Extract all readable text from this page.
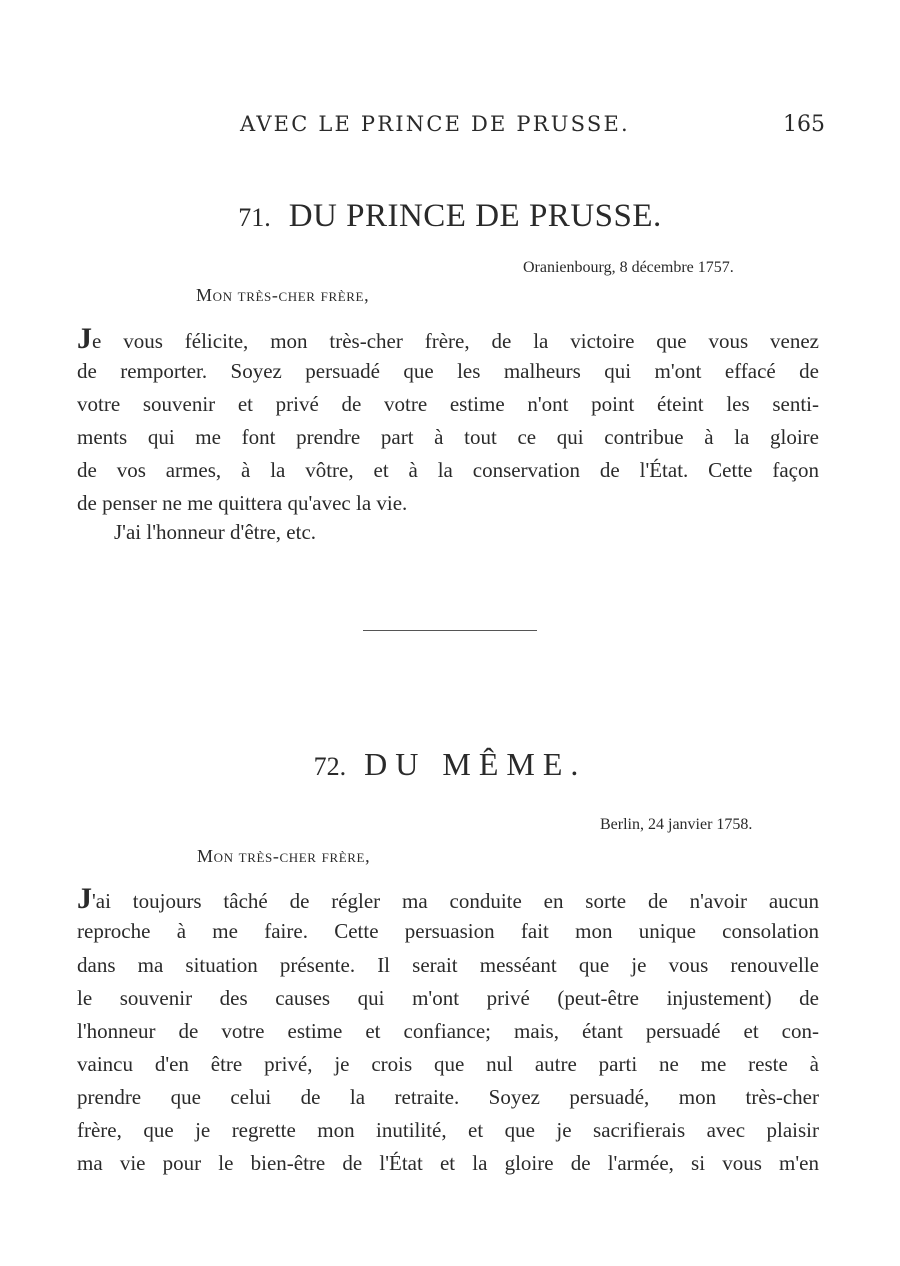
AVEC LE PRINCE DE PRUSSE.	165
71. DU PRINCE DE PRUSSE.
Oranienbourg, 8 décembre 1757.
Mon très-cher frère,
Je vous félicite, mon très-cher frère, de la victoire que vous venez
de remporter. Soyez persuadé que les malheurs qui m'ont effacé de
votre souvenir et privé de votre estime n'ont point éteint les senti-
ments qui me font prendre part à tout ce qui contribue à la gloire
de vos armes, à la vôtre, et à la conservation de l'État. Cette façon
de penser ne me quittera qu'avec la vie.
J'ai l'honneur d'être, etc.
72. DU MÊME.
Berlin, 24 janvier 1758.
Mon très-cher frère,
J'ai toujours tâché de régler ma conduite en sorte de n'avoir aucun
reproche à me faire. Cette persuasion fait mon unique consolation
dans ma situation présente. Il serait messéant que je vous renouvelle
le souvenir des causes qui m'ont privé (peut-être injustement) de
l'honneur de votre estime et confiance; mais, étant persuadé et con-
vaincu d'en être privé, je crois que nul autre parti ne me reste à
prendre que celui de la retraite. Soyez persuadé, mon très-cher
frère, que je regrette mon inutilité, et que je sacrifierais avec plaisir
ma vie pour le bien-être de l'État et la gloire de l'armée, si vous m'en
